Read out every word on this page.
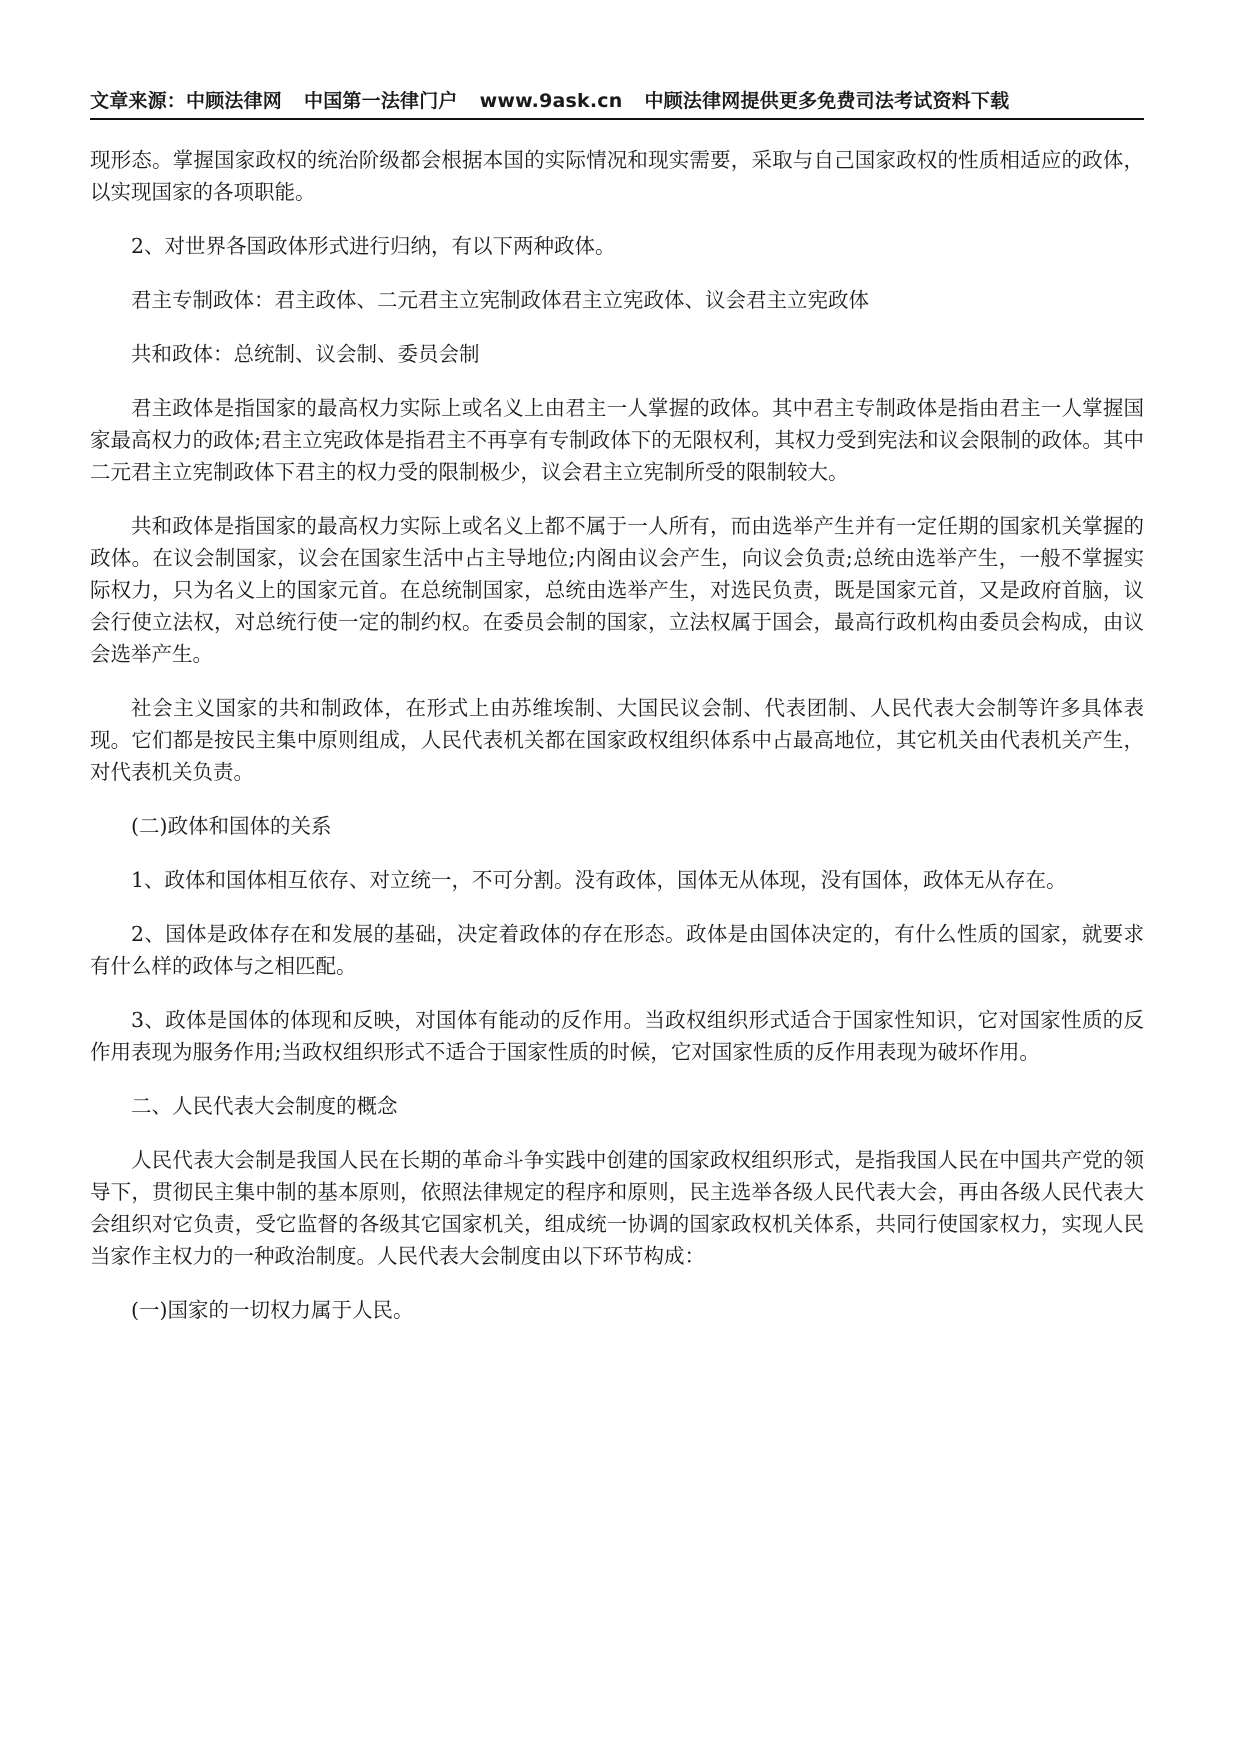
文章来源：中顾法律网 中国第一法律门户 www.9ask.cn 中顾法律网提供更多免费司法考试资料下载

现形态。掌握国家政权的统治阶级都会根据本国的实际情况和现实需要，采取与自己国家政权的性质相适应的政体，以实现国家的各项职能。

2、对世界各国政体形式进行归纳，有以下两种政体。

君主专制政体：君主政体、二元君主立宪制政体君主立宪政体、议会君主立宪政体

共和政体：总统制、议会制、委员会制

君主政体是指国家的最高权力实际上或名义上由君主一人掌握的政体。其中君主专制政体是指由君主一人掌握国家最高权力的政体;君主立宪政体是指君主不再享有专制政体下的无限权利，其权力受到宪法和议会限制的政体。其中二元君主立宪制政体下君主的权力受的限制极少，议会君主立宪制所受的限制较大。

共和政体是指国家的最高权力实际上或名义上都不属于一人所有，而由选举产生并有一定任期的国家机关掌握的政体。在议会制国家，议会在国家生活中占主导地位;内阁由议会产生，向议会负责;总统由选举产生，一般不掌握实际权力，只为名义上的国家元首。在总统制国家，总统由选举产生，对选民负责，既是国家元首，又是政府首脑，议会行使立法权，对总统行使一定的制约权。在委员会制的国家，立法权属于国会，最高行政机构由委员会构成，由议会选举产生。

社会主义国家的共和制政体，在形式上由苏维埃制、大国民议会制、代表团制、人民代表大会制等许多具体表现。它们都是按民主集中原则组成，人民代表机关都在国家政权组织体系中占最高地位，其它机关由代表机关产生，对代表机关负责。

(二)政体和国体的关系

1、政体和国体相互依存、对立统一，不可分割。没有政体，国体无从体现，没有国体，政体无从存在。

2、国体是政体存在和发展的基础，决定着政体的存在形态。政体是由国体决定的，有什么性质的国家，就要求有什么样的政体与之相匹配。

3、政体是国体的体现和反映，对国体有能动的反作用。当政权组织形式适合于国家性知识，它对国家性质的反作用表现为服务作用;当政权组织形式不适合于国家性质的时候，它对国家性质的反作用表现为破坏作用。

二、人民代表大会制度的概念

人民代表大会制是我国人民在长期的革命斗争实践中创建的国家政权组织形式，是指我国人民在中国共产党的领导下，贯彻民主集中制的基本原则，依照法律规定的程序和原则，民主选举各级人民代表大会，再由各级人民代表大会组织对它负责，受它监督的各级其它国家机关，组成统一协调的国家政权机关体系，共同行使国家权力，实现人民当家作主权力的一种政治制度。人民代表大会制度由以下环节构成：

(一)国家的一切权力属于人民。
